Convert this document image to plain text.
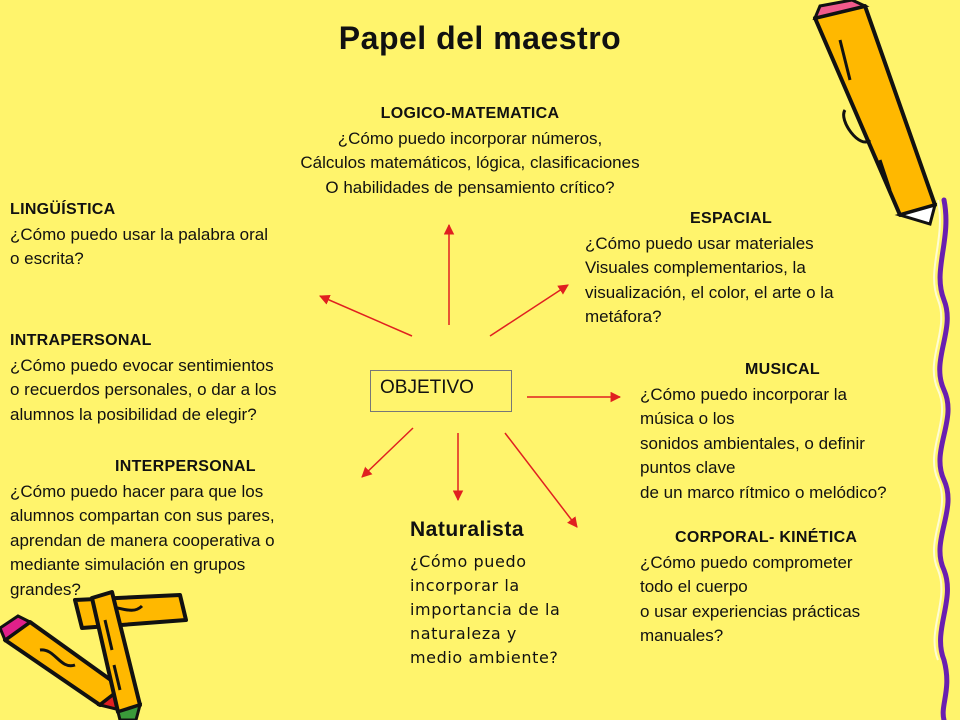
Papel del maestro
LOGICO-MATEMATICA
¿Cómo puedo incorporar números,
Cálculos matemáticos, lógica, clasificaciones
O habilidades de pensamiento crítico?
LINGÜÍSTICA
¿Cómo puedo usar la palabra oral
o escrita?
ESPACIAL
¿Cómo puedo usar materiales
Visuales complementarios, la
visualización, el color, el arte o la
metáfora?
INTRAPERSONAL
¿Cómo puedo evocar sentimientos
o recuerdos personales, o dar a los
alumnos la posibilidad de elegir?
OBJETIVO
MUSICAL
¿Cómo puedo incorporar la
música o los
sonidos ambientales, o definir
puntos clave
de un marco rítmico o melódico?
INTERPERSONAL
¿Cómo puedo hacer para que los
alumnos compartan con sus pares,
aprendan de manera cooperativa o
mediante simulación en grupos
grandes?
CORPORAL- KINÉTICA
¿Cómo puedo comprometer
todo el cuerpo
o usar experiencias prácticas
manuales?
Naturalista
¿Cómo puedo
incorporar la
importancia de la
naturaleza y
medio ambiente?
